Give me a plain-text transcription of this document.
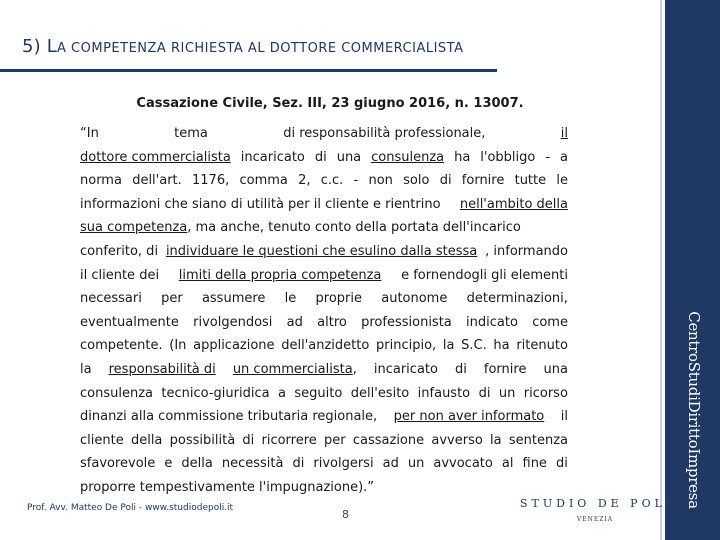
5) LA COMPETENZA RICHIESTA AL DOTTORE COMMERCIALISTA
CentroStudiDirittoImpresa
Cassazione Civile, Sez. III, 23 giugno 2016, n. 13007.
“In	tema	di responsabilità professionale,	il
dottore commercialista incaricato di una consulenza ha l'obbligo - a
norma dell'art. 1176, comma 2, c.c. - non solo di fornire tutte le
informazioni che siano di utilità per il cliente e rientrino nell'ambito della
sua competenza, ma anche, tenuto conto della portata dell'incarico
conferito, di individuare le questioni che esulino dalla stessa , informando
il cliente dei limiti della propria competenza e fornendogli gli elementi
necessari per assumere le proprie autonome determinazioni,
eventualmente rivolgendosi ad altro professionista indicato come
competente. (In applicazione dell'anzidetto principio, la S.C. ha ritenuto
la responsabilità di un commercialista, incaricato di fornire una
consulenza tecnico-giuridica a seguito dell'esito infausto di un ricorso
dinanzi alla commissione tributaria regionale, per non aver informato il
cliente della possibilità di ricorrere per cassazione avverso la sentenza
sfavorevole e della necessità di rivolgersi ad un avvocato al fine di
proporre tempestivamente l'impugnazione).”
Prof. Avv. Matteo De Poli - www.studiodepoli.it	8
STUDIO DE POLI
VENEZIA
